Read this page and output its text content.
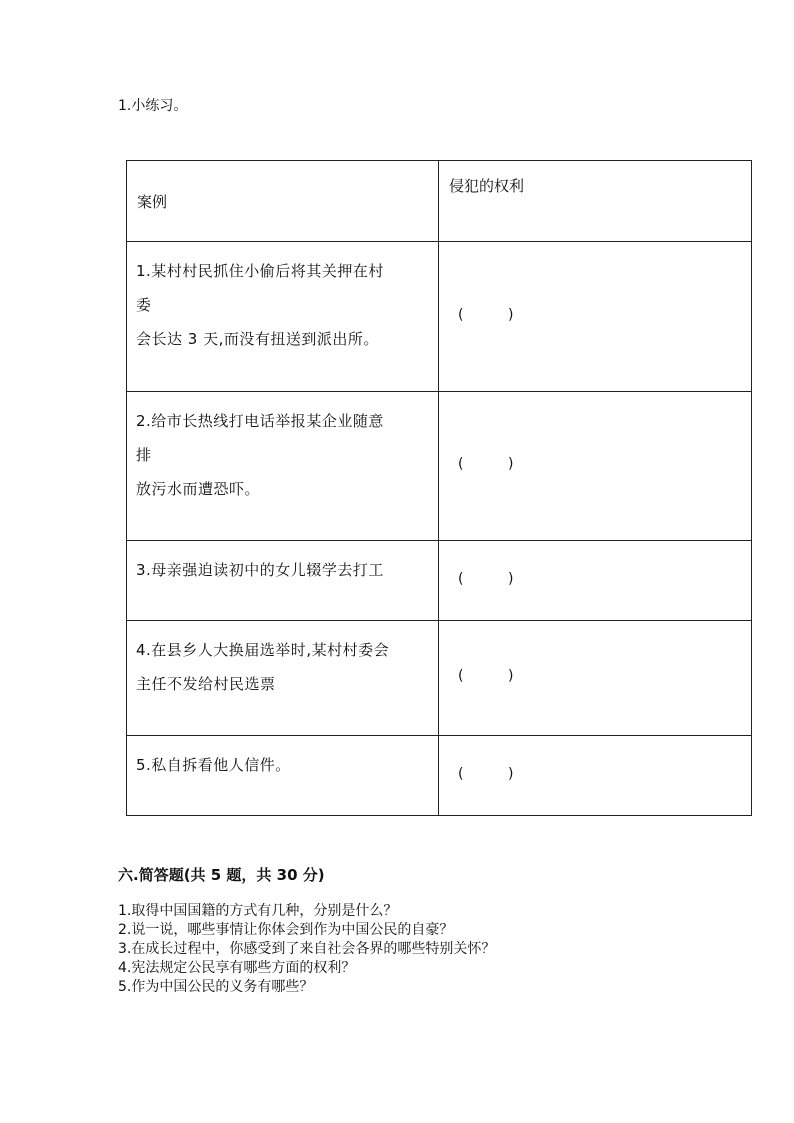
1.小练习。
案例	侵犯的权利

1.某村村民抓住小偷后将其关押在村
委
会长达 3 天,而没有扭送到派出所。	(          )

2.给市长热线打电话举报某企业随意
排
放污水而遭恐吓。	(          )

3.母亲强迫读初中的女儿辍学去打工	(          )

4.在县乡人大换届选举时,某村村委会
主任不发给村民选票	(          )

5.私自拆看他人信件。	(          )
六.简答题(共 5 题，共 30 分)
1.取得中国国籍的方式有几种，分别是什么？
2.说一说，哪些事情让你体会到作为中国公民的自豪？
3.在成长过程中，你感受到了来自社会各界的哪些特别关怀？
4.宪法规定公民享有哪些方面的权利？
5.作为中国公民的义务有哪些？
